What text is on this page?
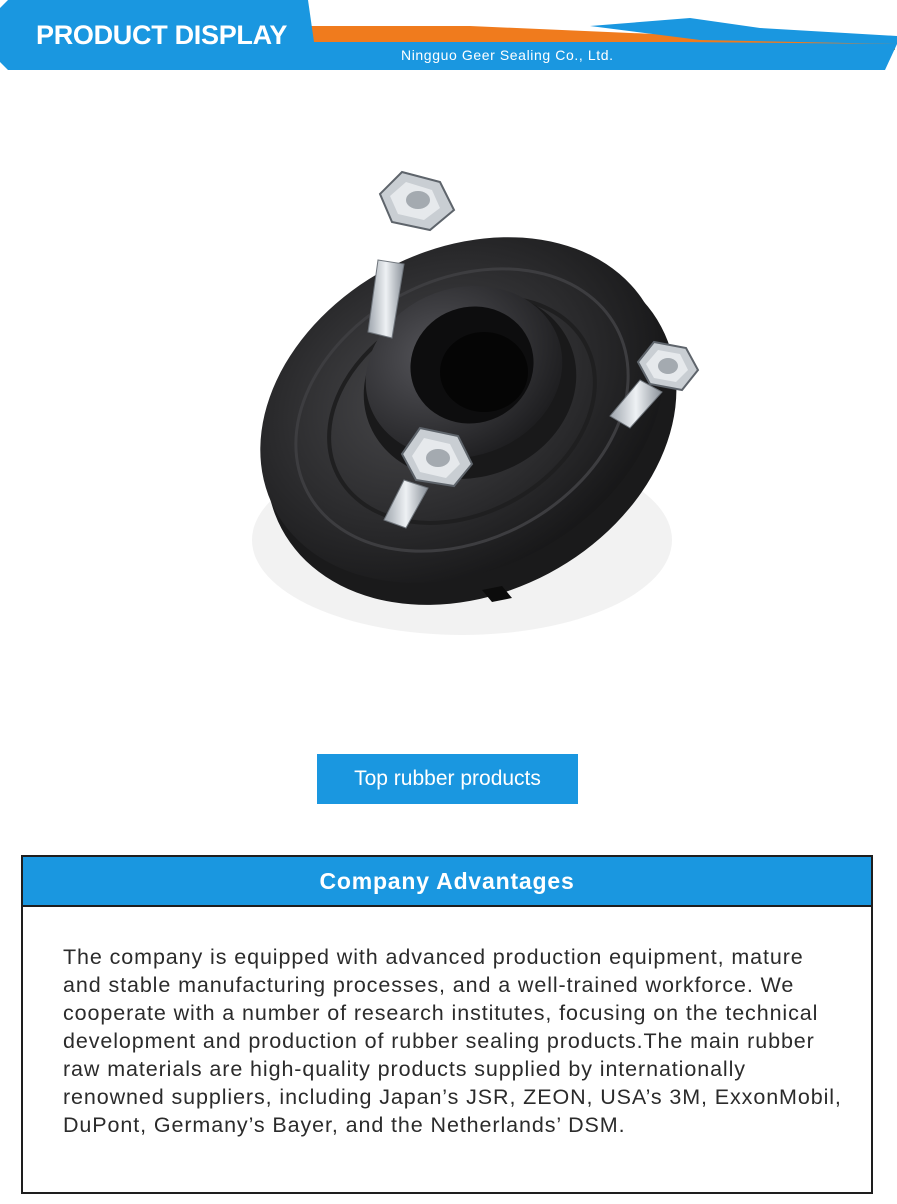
PRODUCT DISPLAY
Ningguo Geer Sealing Co., Ltd.
Top rubber products
Company Advantages
The company is equipped with advanced production equipment, mature and stable manufacturing processes, and a well-trained workforce. We cooperate with a number of research institutes, focusing on the technical development and production of rubber sealing products.The main rubber raw materials are high-quality products supplied by internationally renowned suppliers, including Japan’s JSR, ZEON, USA’s 3M, ExxonMobil, DuPont, Germany’s Bayer, and the Netherlands’ DSM.
